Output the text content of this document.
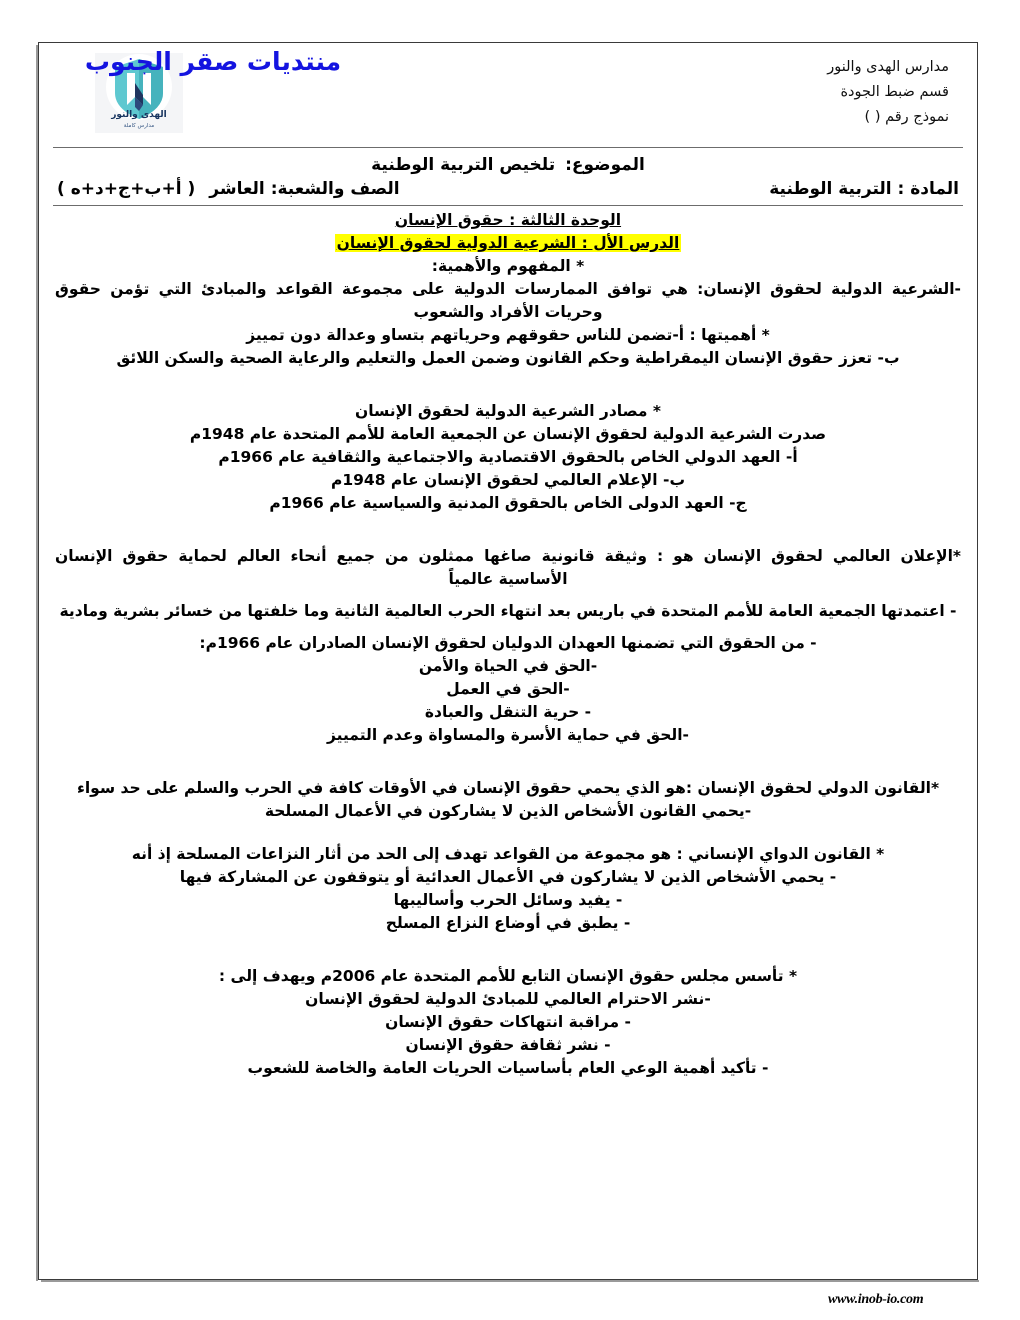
الهدى والنور
مدارس كاملة
منتديات صقر الجنوب	مدارس الهدى والنور
قسم ضبط الجودة
نموذج رقم ( )
الموضوع:تلخيص التربية الوطنية
المادة : التربية الوطنية
الصف والشعبة: العاشر( أ+ب+ج+د+ه )
الوحدة الثالثة : حقوق الإنسان
الدرس الأل : الشرعية الدولية لحقوق الإنسان
* المفهوم والأهمية:
-الشرعية الدولية لحقوق الإنسان: هي توافق الممارسات الدولية على مجموعة القواعد والمبادئ التي تؤمن حقوق وحريات الأفراد والشعوب
* أهميتها : أ-تضمن للناس حقوقهم وحرياتهم بتساو وعدالة دون تمييز
ب- تعزز حقوق الإنسان اليمقراطية وحكم القانون وضمن العمل والتعليم والرعاية الصحية والسكن اللائق
* مصادر الشرعية الدولية لحقوق الإنسان
صدرت الشرعية الدولية لحقوق الإنسان عن الجمعية العامة للأمم المتحدة عام 1948م
أ- العهد الدولي الخاص بالحقوق الاقتصادية والاجتماعية والثقافية عام 1966م
ب- الإعلام العالمي لحقوق الإنسان عام 1948م
ج- العهد الدولى الخاص بالحقوق المدنية والسياسية عام 1966م
*الإعلان العالمي لحقوق الإنسان هو : وثيقة قانونية صاغها ممثلون من جميع أنحاء العالم لحماية حقوق الإنسان الأساسية عالمياً
- اعتمدتها الجمعية العامة للأمم المتحدة في باريس بعد انتهاء الحرب العالمية الثانية وما خلفتها من خسائر بشرية ومادية
- من الحقوق التي تضمنها العهدان الدوليان لحقوق الإنسان الصادران عام 1966م:
-الحق في الحياة والأمن
-الحق في العمل
- حرية التنقل والعبادة
-الحق في حماية الأسرة والمساواة وعدم التمييز
*القانون الدولي لحقوق الإنسان :هو الذي يحمي حقوق الإنسان في الأوقات كافة في الحرب والسلم على حد سواء
-يحمي القانون الأشخاص الذين لا يشاركون في الأعمال المسلحة
* القانون الدواي الإنساني : هو مجموعة من القواعد تهدف إلى الحد من أثار النزاعات المسلحة إذ أنه
- يحمي الأشخاص الذين لا يشاركون في الأعمال العدائية أو يتوقفون عن المشاركة فيها
- يفيد وسائل الحرب وأساليبها
- يطبق في أوضاع النزاع المسلح
* تأسس مجلس حقوق الإنسان التابع للأمم المتحدة عام 2006م ويهدف إلى :
-نشر الاحترام العالمي للمبادئ الدولية لحقوق الإنسان
- مراقبة انتهاكات حقوق الإنسان
- نشر ثقافة حقوق الإنسان
- تأكيد أهمية الوعي العام بأساسيات الحريات العامة والخاصة للشعوب
www.inob-io.com
